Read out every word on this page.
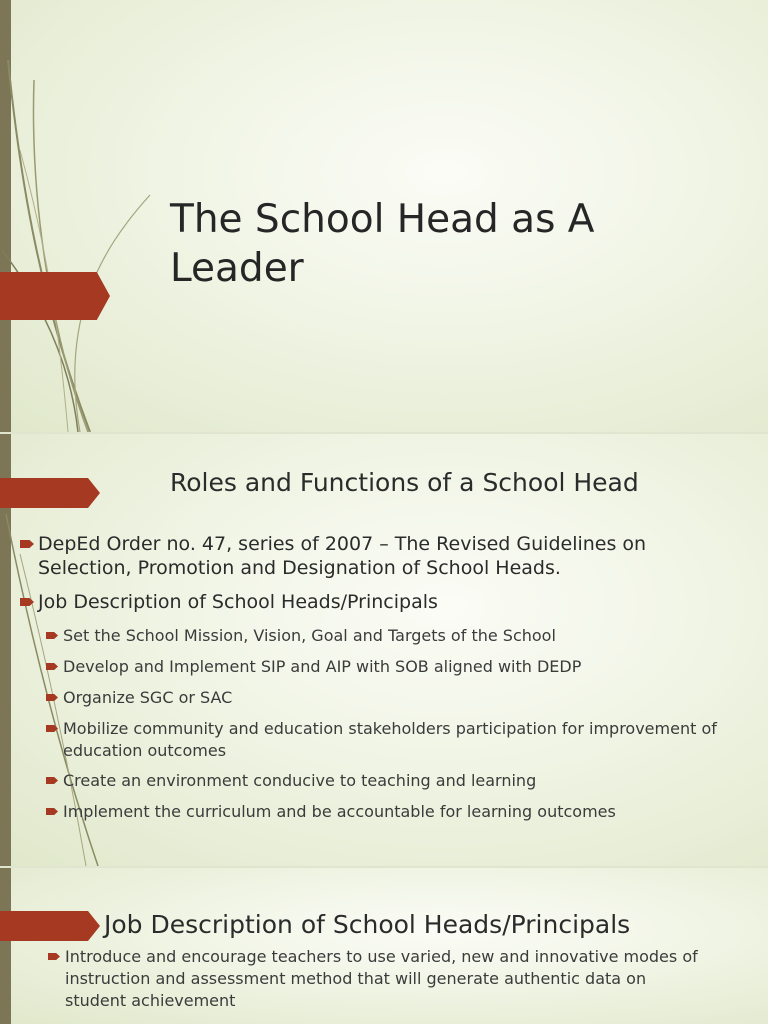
The School Head as A Leader
Roles and Functions of a School Head
DepEd Order no. 47, series of 2007 – The Revised Guidelines on Selection, Promotion and Designation of School Heads.
Job Description of School Heads/Principals
Set the School Mission, Vision, Goal and Targets of the School
Develop and Implement SIP and AIP with SOB aligned with DEDP
Organize SGC or SAC
Mobilize community and education stakeholders participation for improvement of education outcomes
Create an environment conducive to teaching and learning
Implement the curriculum and be accountable for learning outcomes
Job Description of School Heads/Principals
Introduce and encourage teachers to use varied, new and innovative modes of instruction and assessment method that will generate authentic data on student achievement
